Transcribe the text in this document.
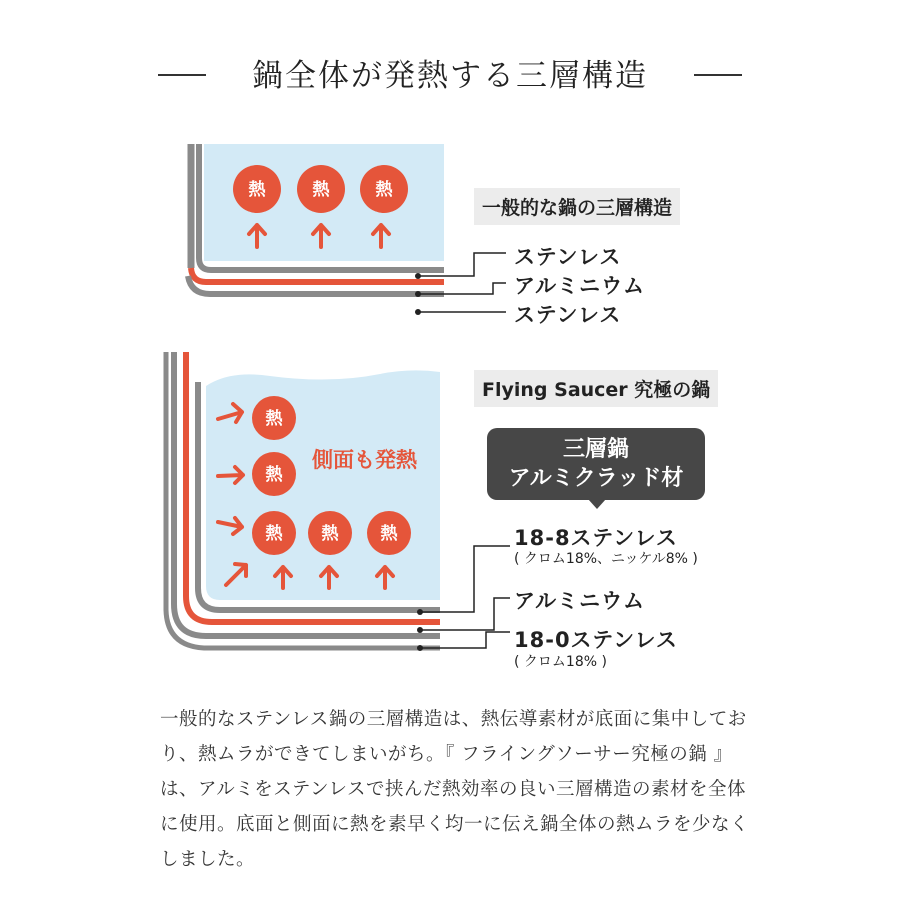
鍋全体が発熱する三層構造
熱	熱	熱
熱
熱
熱 熱 熱
一般的な鍋の三層構造
ステンレス
アルミニウム
ステンレス
Flying Saucer 究極の鍋
側面も発熱	三層鍋
アルミクラッド材
18-8ステンレス
( クロム18%、ニッケル8% )
アルミニウム
18-0ステンレス
( クロム18% )
一般的なステンレス鍋の三層構造は、熱伝導素材が底面に集中しており、熱ムラができてしまいがち。『 フライングソーサー究極の鍋 』は、アルミをステンレスで挟んだ熱効率の良い三層構造の素材を全体に使用。底面と側面に熱を素早く均一に伝え鍋全体の熱ムラを少なくしました。
